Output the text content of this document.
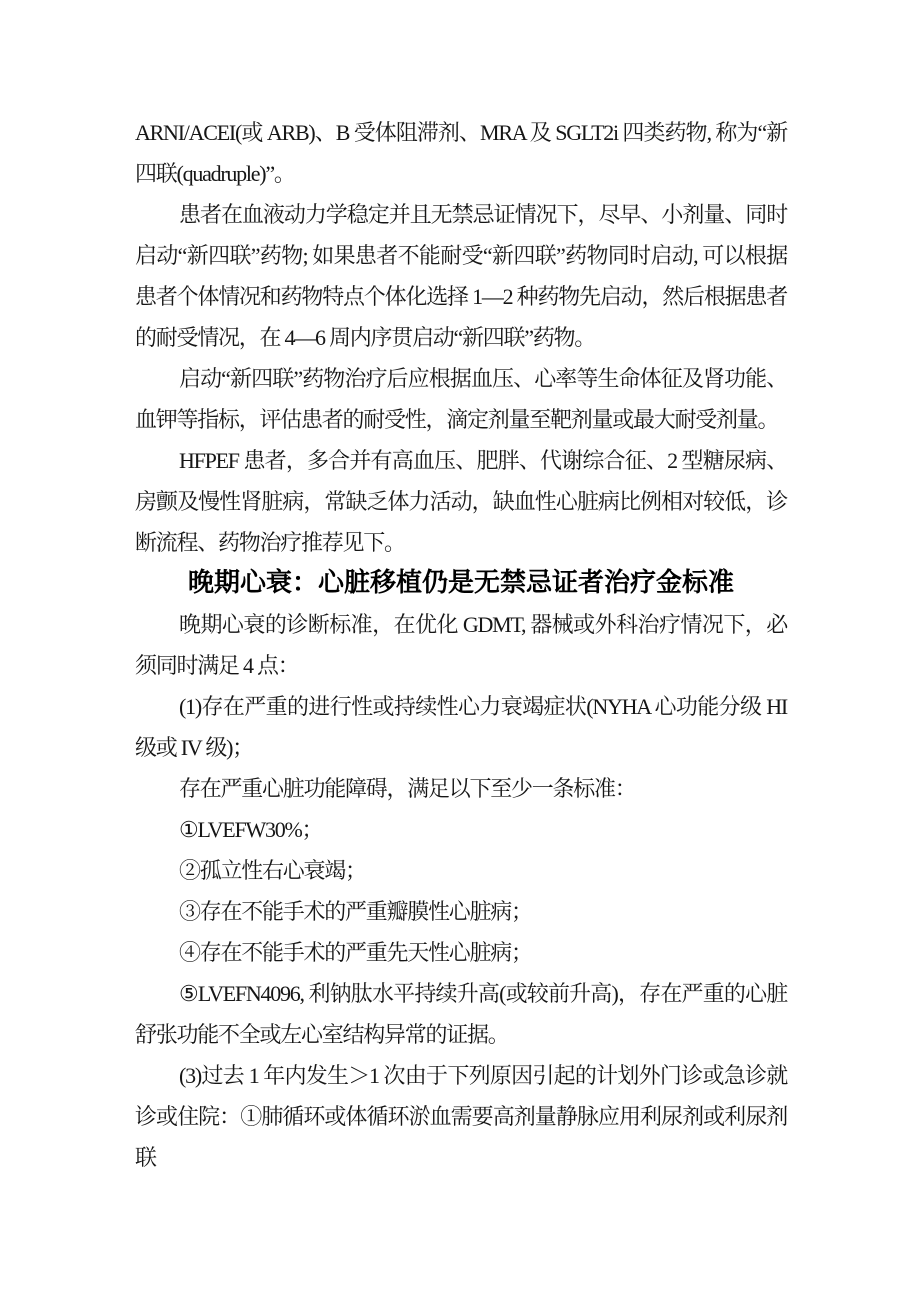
ARNI/ACEI(或 ARB)、B 受体阻滞剂、MRA 及 SGLT2i 四类药物, 称为“新四联(quadruple)”。

患者在血液动力学稳定并且无禁忌证情况下，尽早、小剂量、同时启动“新四联”药物; 如果患者不能耐受“新四联”药物同时启动, 可以根据患者个体情况和药物特点个体化选择 1—2 种药物先启动，然后根据患者的耐受情况，在 4—6 周内序贯启动“新四联”药物。

启动“新四联”药物治疗后应根据血压、心率等生命体征及肾功能、血钾等指标，评估患者的耐受性，滴定剂量至靶剂量或最大耐受剂量。

HFPEF 患者，多合并有高血压、肥胖、代谢综合征、2 型糖尿病、房颤及慢性肾脏病，常缺乏体力活动，缺血性心脏病比例相对较低，诊断流程、药物治疗推荐见下。

晚期心衰：心脏移植仍是无禁忌证者治疗金标准

晚期心衰的诊断标准，在优化 GDMT, 器械或外科治疗情况下，必须同时满足 4 点：

(1)存在严重的进行性或持续性心力衰竭症状(NYHA 心功能分级 HI 级或 IV 级)；

存在严重心脏功能障碍，满足以下至少一条标准：

①LVEFW30%；

②孤立性右心衰竭；

③存在不能手术的严重瓣膜性心脏病；

④存在不能手术的严重先天性心脏病；

⑤LVEFN4096, 利钠肽水平持续升高(或较前升高)，存在严重的心脏舒张功能不全或左心室结构异常的证据。

(3)过去 1 年内发生＞1 次由于下列原因引起的计划外门诊或急诊就诊或住院：①肺循环或体循环淤血需要高剂量静脉应用利尿剂或利尿剂联
